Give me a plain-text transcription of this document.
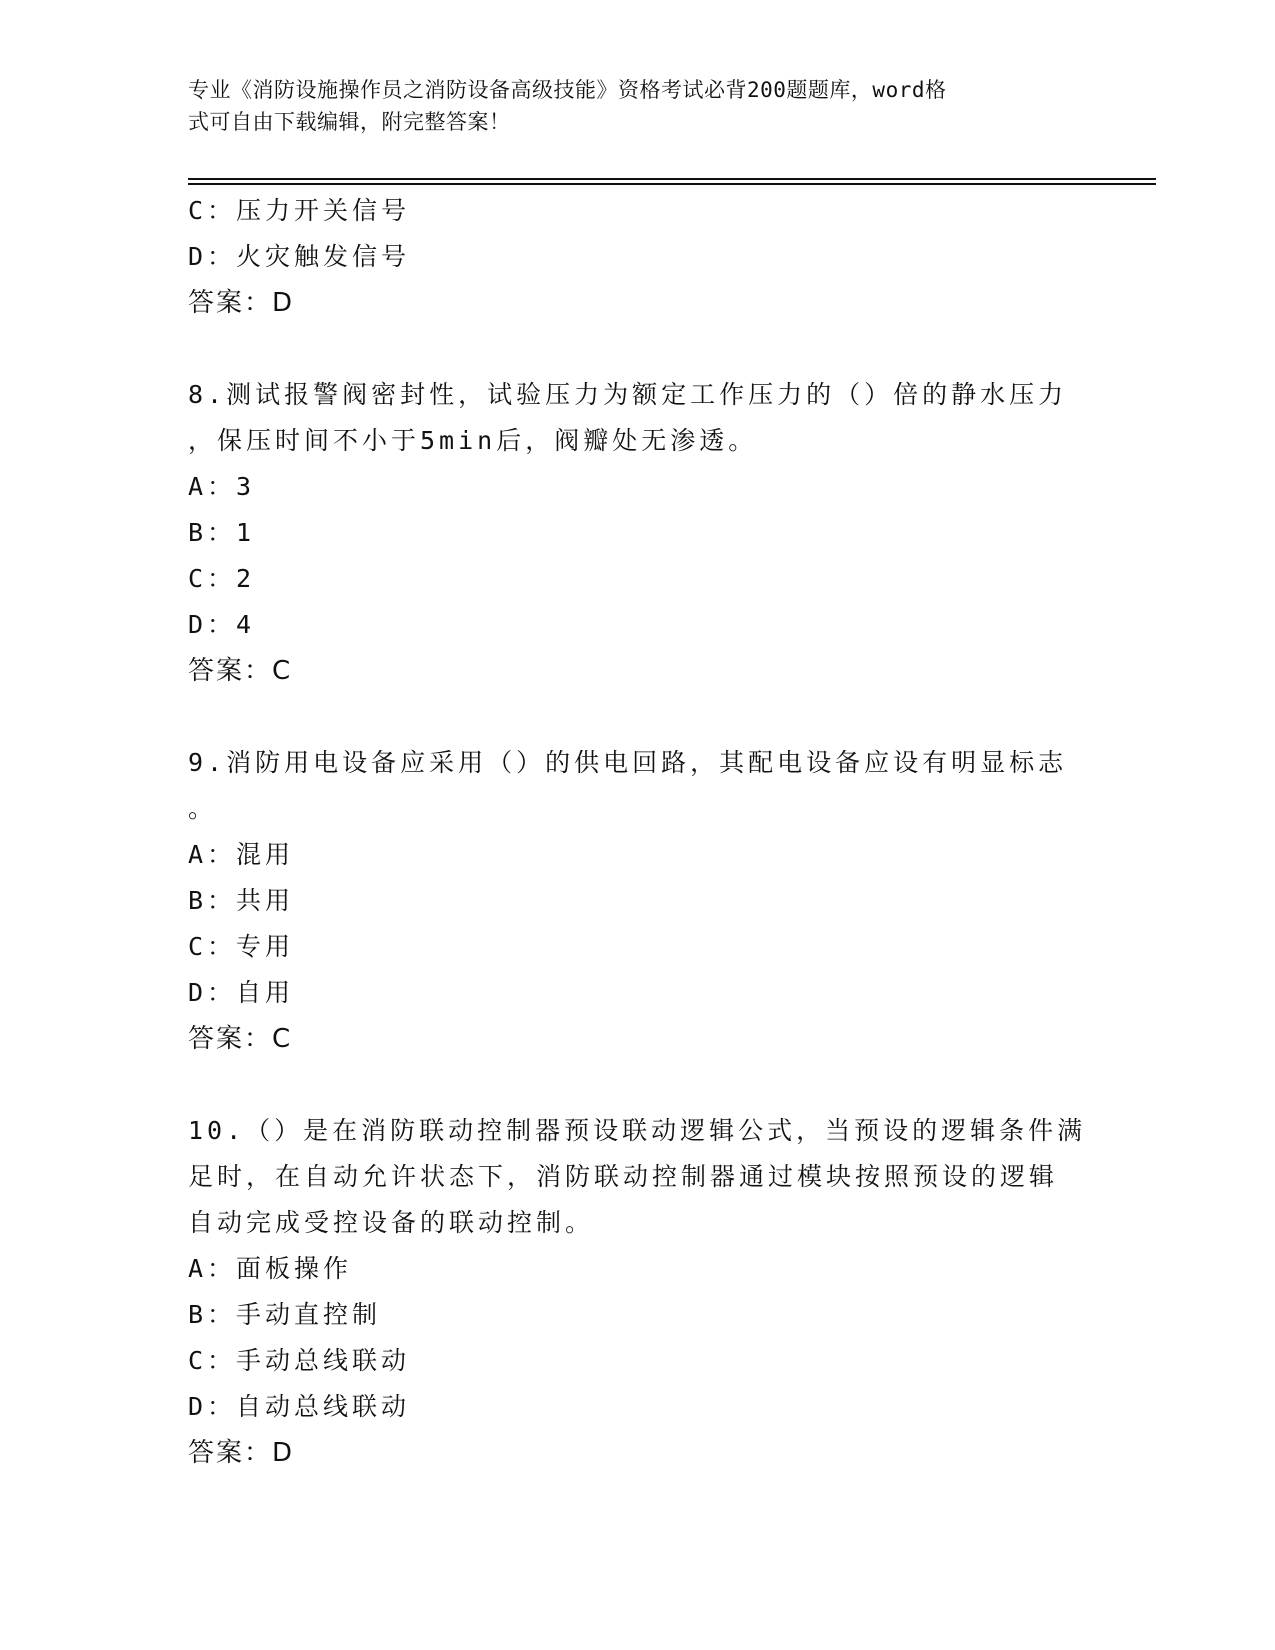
专业《消防设施操作员之消防设备高级技能》资格考试必背200题题库，word格
式可自由下载编辑，附完整答案！
C：压力开关信号
D：火灾触发信号
答案：D
8.测试报警阀密封性，试验压力为额定工作压力的（）倍的静水压力
，保压时间不小于5min后，阀瓣处无渗透。
A：3
B：1
C：2
D：4
答案：C
9.消防用电设备应采用（）的供电回路，其配电设备应设有明显标志
。
A：混用
B：共用
C：专用
D：自用
答案：C
10.（）是在消防联动控制器预设联动逻辑公式，当预设的逻辑条件满
足时，在自动允许状态下，消防联动控制器通过模块按照预设的逻辑
自动完成受控设备的联动控制。
A：面板操作
B：手动直控制
C：手动总线联动
D：自动总线联动
答案：D
